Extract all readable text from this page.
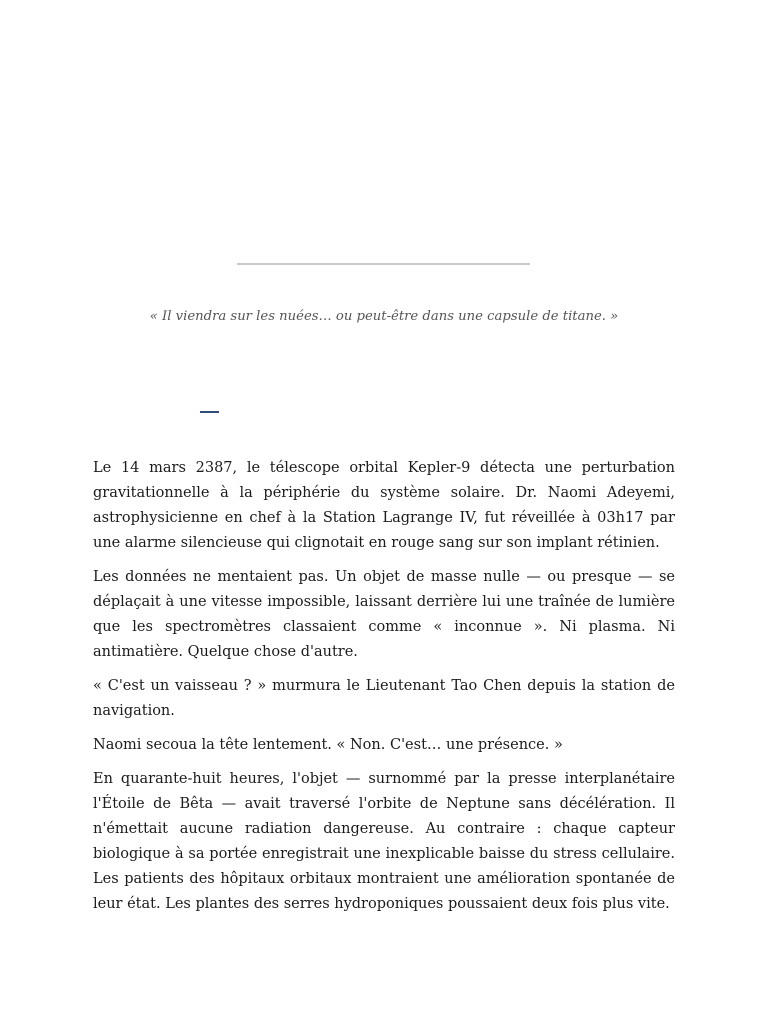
« Il viendra sur les nuées… ou peut-être dans une capsule de titane. »

Le 14 mars 2387, le télescope orbital Kepler-9 détecta une perturbation gravitationnelle à la périphérie du système solaire. Dr. Naomi Adeyemi, astrophysicienne en chef à la Station Lagrange IV, fut réveillée à 03h17 par une alarme silencieuse qui clignotait en rouge sang sur son implant rétinien.

Les données ne mentaient pas. Un objet de masse nulle — ou presque — se déplaçait à une vitesse impossible, laissant derrière lui une traînée de lumière que les spectromètres classaient comme « inconnue ». Ni plasma. Ni antimatière. Quelque chose d'autre.

« C'est un vaisseau ? » murmura le Lieutenant Tao Chen depuis la station de navigation.

Naomi secoua la tête lentement. « Non. C'est… une présence. »

En quarante-huit heures, l'objet — surnommé par la presse interplanétaire l'Étoile de Bêta — avait traversé l'orbite de Neptune sans décélération. Il n'émettait aucune radiation dangereuse. Au contraire : chaque capteur biologique à sa portée enregistrait une inexplicable baisse du stress cellulaire. Les patients des hôpitaux orbitaux montraient une amélioration spontanée de leur état. Les plantes des serres hydroponiques poussaient deux fois plus vite.
